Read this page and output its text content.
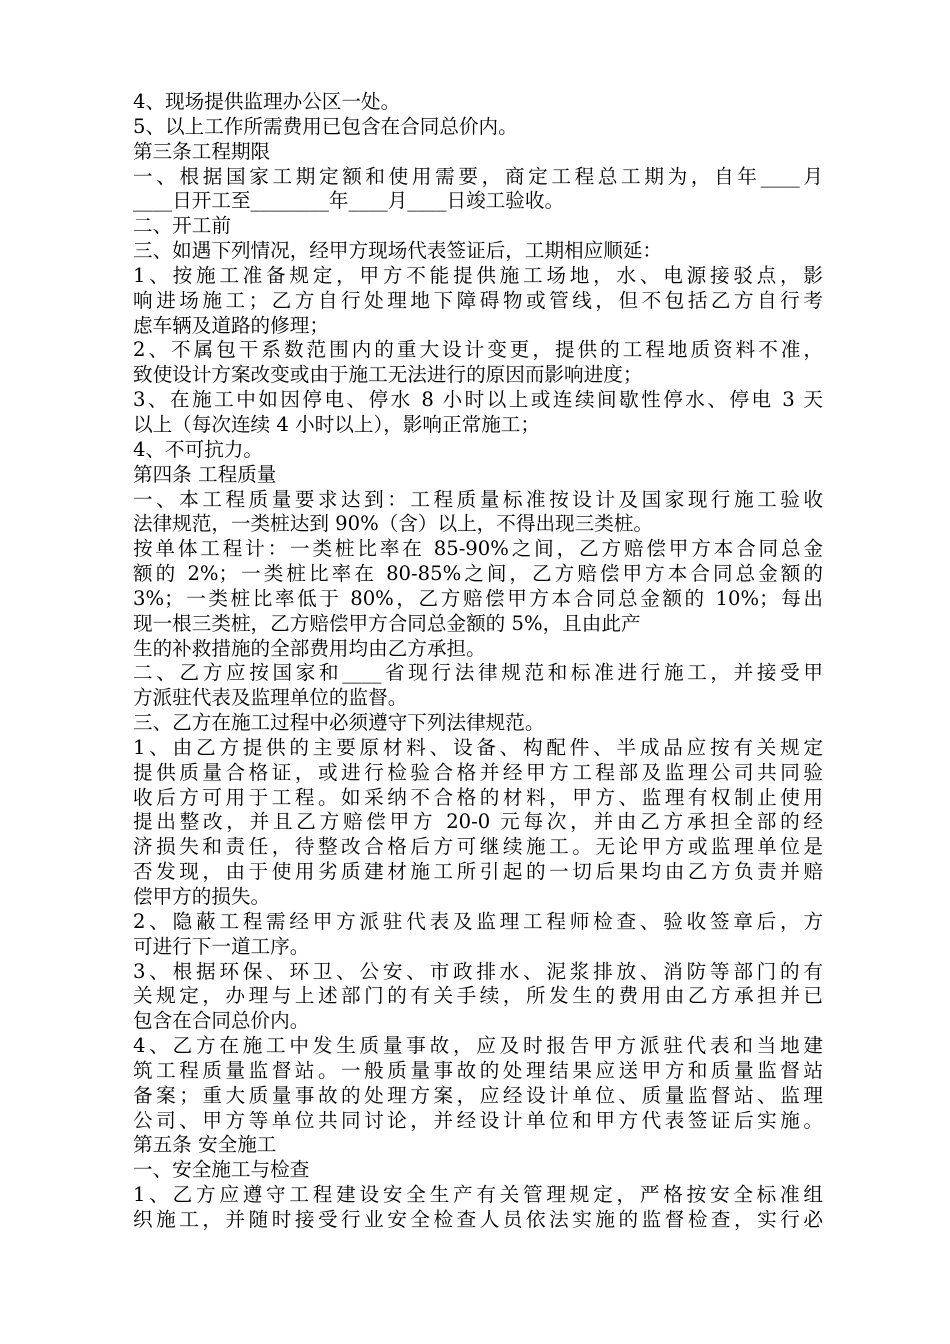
4、现场提供监理办公区一处。
5、以上工作所需费用已包含在合同总价内。
第三条工程期限
一、根据国家工期定额和使用需要，商定工程总工期为，自年____月
____日开工至________年____月____日竣工验收。
二、开工前
三、如遇下列情况，经甲方现场代表签证后，工期相应顺延：
1、按施工准备规定，甲方不能提供施工场地，水、电源接驳点，影
响进场施工；乙方自行处理地下障碍物或管线，但不包括乙方自行考
虑车辆及道路的修理；
2、不属包干系数范围内的重大设计变更，提供的工程地质资料不准，
致使设计方案改变或由于施工无法进行的原因而影响进度；
3、在施工中如因停电、停水 8 小时以上或连续间歇性停水、停电 3 天
以上（每次连续 4 小时以上），影响正常施工；
4、不可抗力。
第四条 工程质量
一、本工程质量要求达到：工程质量标准按设计及国家现行施工验收
法律规范，一类桩达到 90%（含）以上，不得出现三类桩。
按单体工程计：一类桩比率在 85-90%之间，乙方赔偿甲方本合同总金
额的 2%；一类桩比率在 80-85%之间，乙方赔偿甲方本合同总金额的
3%；一类桩比率低于 80%，乙方赔偿甲方本合同总金额的 10%；每出
现一根三类桩，乙方赔偿甲方合同总金额的 5%，且由此产
生的补救措施的全部费用均由乙方承担。
二、乙方应按国家和____省现行法律规范和标准进行施工，并接受甲
方派驻代表及监理单位的监督。
三、乙方在施工过程中必须遵守下列法律规范。
1、由乙方提供的主要原材料、设备、构配件、半成品应按有关规定
提供质量合格证，或进行检验合格并经甲方工程部及监理公司共同验
收后方可用于工程。如采纳不合格的材料，甲方、监理有权制止使用
提出整改，并且乙方赔偿甲方 20-0 元每次，并由乙方承担全部的经
济损失和责任，待整改合格后方可继续施工。无论甲方或监理单位是
否发现，由于使用劣质建材施工所引起的一切后果均由乙方负责并赔
偿甲方的损失。
2、隐蔽工程需经甲方派驻代表及监理工程师检查、验收签章后，方
可进行下一道工序。
3、根据环保、环卫、公安、市政排水、泥浆排放、消防等部门的有
关规定，办理与上述部门的有关手续，所发生的费用由乙方承担并已
包含在合同总价内。
4、乙方在施工中发生质量事故，应及时报告甲方派驻代表和当地建
筑工程质量监督站。一般质量事故的处理结果应送甲方和质量监督站
备案；重大质量事故的处理方案，应经设计单位、质量监督站、监理
公司、甲方等单位共同讨论，并经设计单位和甲方代表签证后实施。
第五条 安全施工
一、安全施工与检查
1、乙方应遵守工程建设安全生产有关管理规定，严格按安全标准组
织施工，并随时接受行业安全检查人员依法实施的监督检查，实行必
